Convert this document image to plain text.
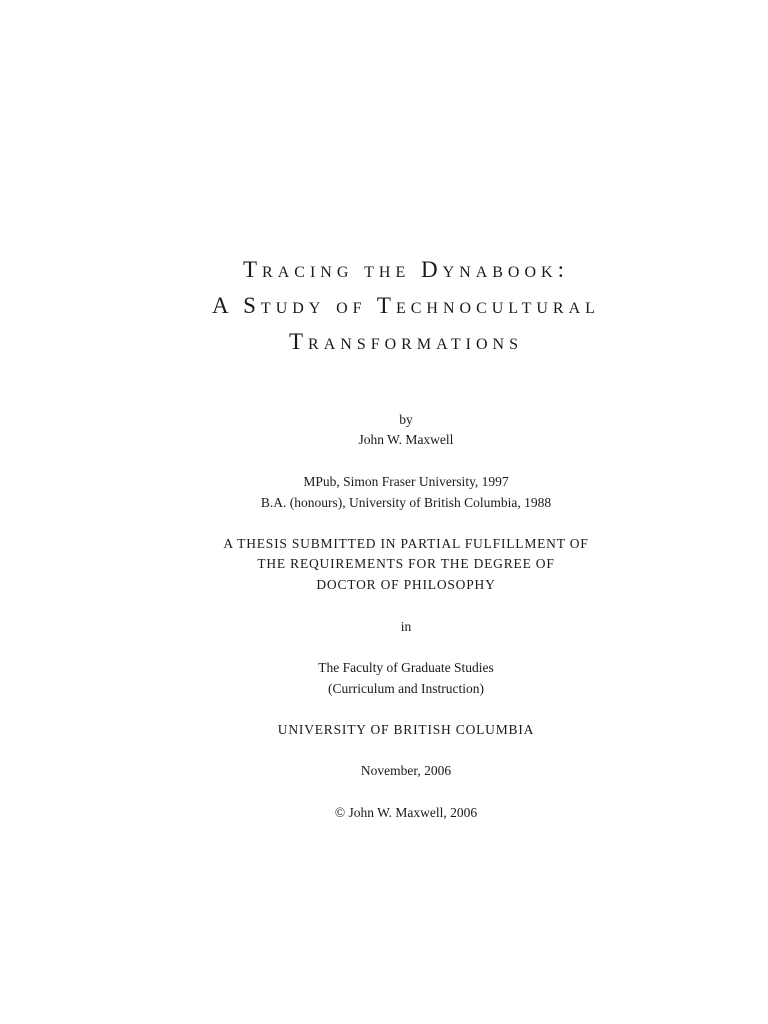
Tracing the Dynabook:
A Study of Technocultural
Transformations
by
John W. Maxwell
MPub, Simon Fraser University, 1997
B.A. (honours), University of British Columbia, 1988
A THESIS SUBMITTED IN PARTIAL FULFILLMENT OF
THE REQUIREMENTS FOR THE DEGREE OF
DOCTOR OF PHILOSOPHY
in
The Faculty of Graduate Studies
(Curriculum and Instruction)
UNIVERSITY OF BRITISH COLUMBIA
November, 2006
© John W. Maxwell, 2006
